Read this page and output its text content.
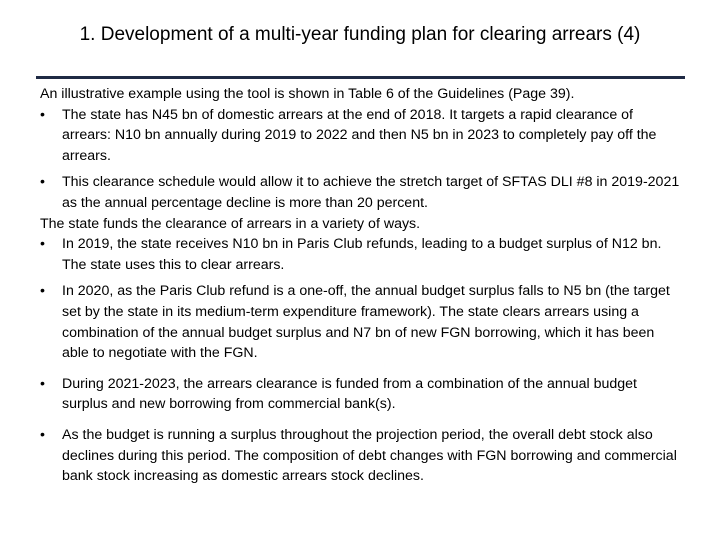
1. Development of a multi-year funding plan for clearing arrears (4)

An illustrative example using the tool is shown in Table 6 of the Guidelines (Page 39).

•	The state has N45 bn of domestic arrears at the end of 2018. It targets a rapid clearance of arrears: N10 bn annually during 2019 to 2022 and then N5 bn in 2023 to completely pay off the arrears.
•	This clearance schedule would allow it to achieve the stretch target of SFTAS DLI #8 in 2019-2021 as the annual percentage decline is more than 20 percent.

The state funds the clearance of arrears in a variety of ways.

•	In 2019, the state receives N10 bn in Paris Club refunds, leading to a budget surplus of N12 bn. The state uses this to clear arrears.
•	In 2020, as the Paris Club refund is a one-off, the annual budget surplus falls to N5 bn (the target set by the state in its medium-term expenditure framework). The state clears arrears using a combination of the annual budget surplus and N7 bn of new FGN borrowing, which it has been able to negotiate with the FGN.
•	During 2021-2023, the arrears clearance is funded from a combination of the annual budget surplus and new borrowing from commercial bank(s).
•	As the budget is running a surplus throughout the projection period, the overall debt stock also declines during this period. The composition of debt changes with FGN borrowing and commercial bank stock increasing as domestic arrears stock declines.
